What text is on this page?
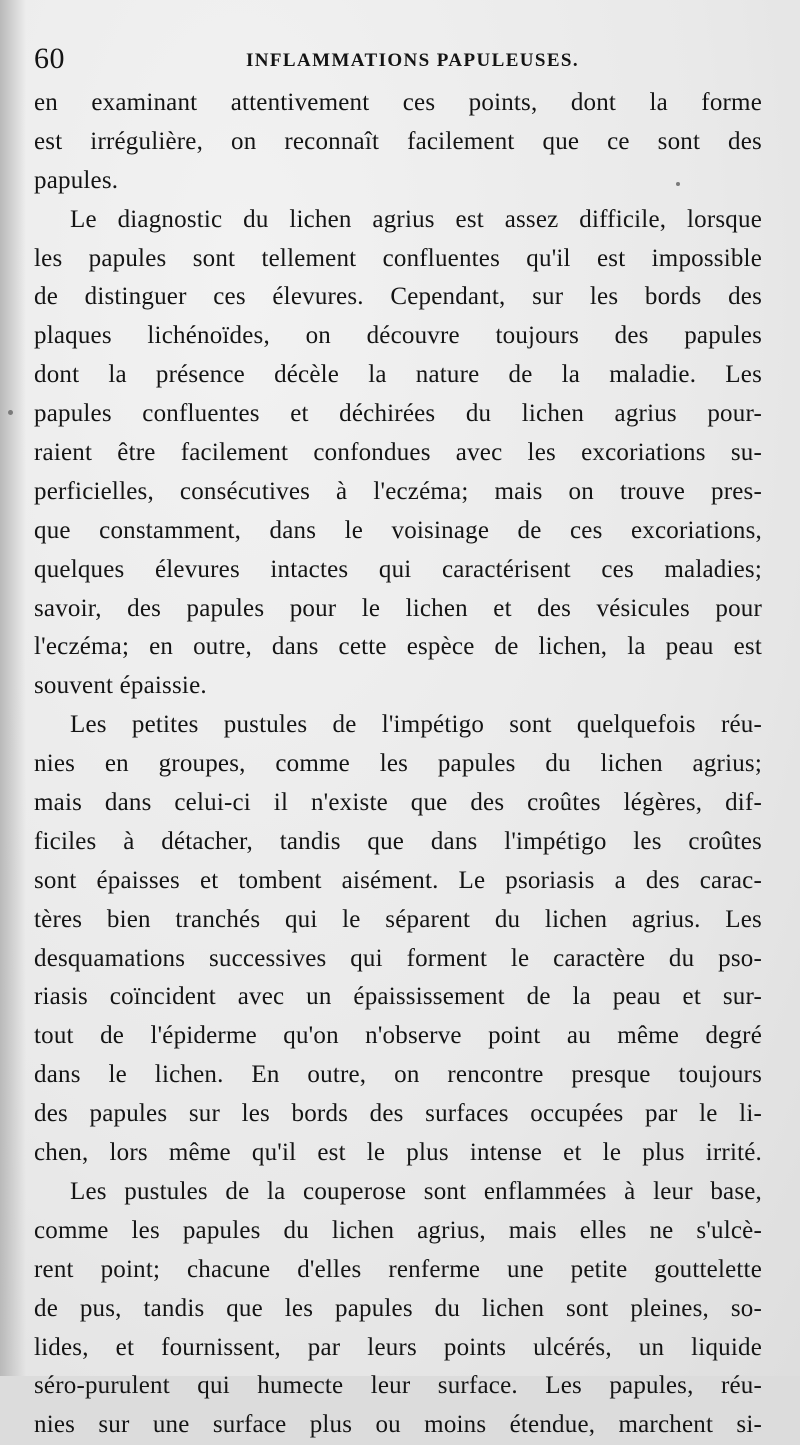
60	INFLAMMATIONS PAPULEUSES.
en examinant attentivement ces points, dont la forme
est irrégulière, on reconnaît facilement que ce sont des
papules.
Le diagnostic du lichen agrius est assez difficile, lorsque
les papules sont tellement confluentes qu'il est impossible
de distinguer ces élevures. Cependant, sur les bords des
plaques lichénoïdes, on découvre toujours des papules
dont la présence décèle la nature de la maladie. Les
papules confluentes et déchirées du lichen agrius pour-
raient être facilement confondues avec les excoriations su-
perficielles, consécutives à l'eczéma; mais on trouve pres-
que constamment, dans le voisinage de ces excoriations,
quelques élevures intactes qui caractérisent ces maladies;
savoir, des papules pour le lichen et des vésicules pour
l'eczéma; en outre, dans cette espèce de lichen, la peau est
souvent épaissie.
Les petites pustules de l'impétigo sont quelquefois réu-
nies en groupes, comme les papules du lichen agrius;
mais dans celui-ci il n'existe que des croûtes légères, dif-
ficiles à détacher, tandis que dans l'impétigo les croûtes
sont épaisses et tombent aisément. Le psoriasis a des carac-
tères bien tranchés qui le séparent du lichen agrius. Les
desquamations successives qui forment le caractère du pso-
riasis coïncident avec un épaississement de la peau et sur-
tout de l'épiderme qu'on n'observe point au même degré
dans le lichen. En outre, on rencontre presque toujours
des papules sur les bords des surfaces occupées par le li-
chen, lors même qu'il est le plus intense et le plus irrité.
Les pustules de la couperose sont enflammées à leur base,
comme les papules du lichen agrius, mais elles ne s'ulcè-
rent point; chacune d'elles renferme une petite gouttelette
de pus, tandis que les papules du lichen sont pleines, so-
lides, et fournissent, par leurs points ulcérés, un liquide
séro-purulent qui humecte leur surface. Les papules, réu-
nies sur une surface plus ou moins étendue, marchent si-
